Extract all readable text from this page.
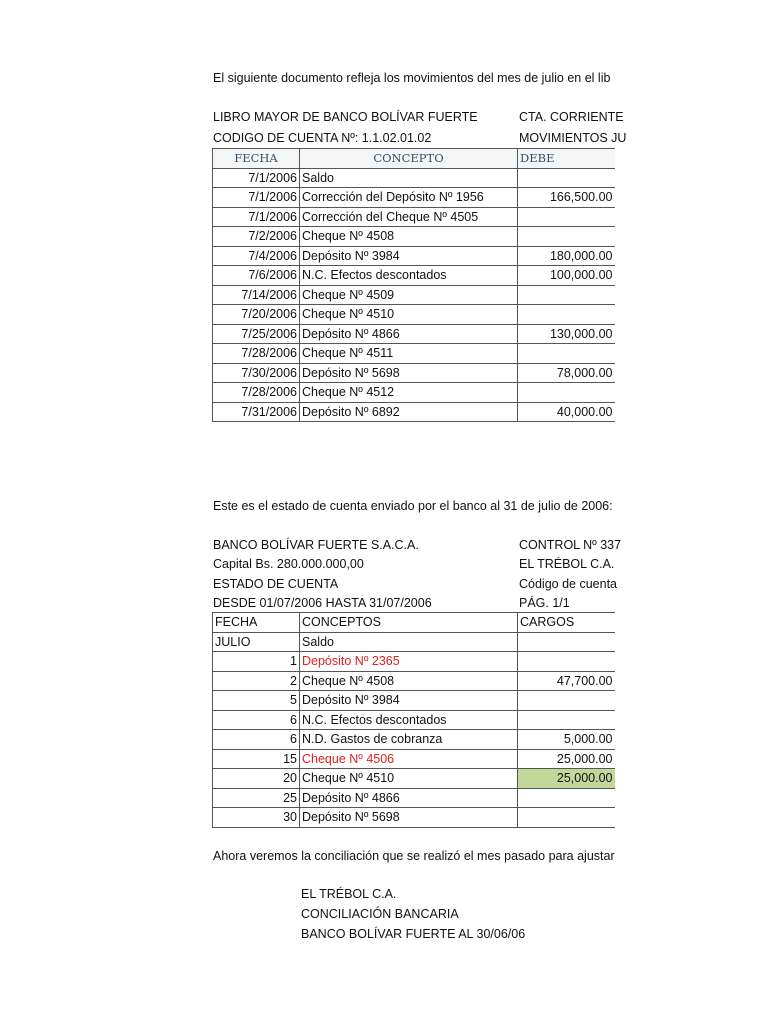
El siguiente documento refleja los movimientos del mes de julio en el lib
LIBRO MAYOR DE BANCO BOLÍVAR FUERTE	CTA. CORRIENTE
CODIGO DE CUENTA Nº: 1.1.02.01.02	MOVIMIENTOS JU
FECHA	CONCEPTO	DEBE
7/1/2006	Saldo	
7/1/2006	Corrección del Depósito Nº 1956	166,500.00
7/1/2006	Corrección del Cheque Nº 4505	
7/2/2006	Cheque Nº 4508	
7/4/2006	Depósito Nº 3984	180,000.00
7/6/2006	N.C. Efectos descontados	100,000.00
7/14/2006	Cheque Nº 4509	
7/20/2006	Cheque Nº 4510	
7/25/2006	Depósito Nº 4866	130,000.00
7/28/2006	Cheque Nº 4511	
7/30/2006	Depósito Nº 5698	78,000.00
7/28/2006	Cheque Nº 4512	
7/31/2006	Depósito Nº 6892	40,000.00
Este es el estado de cuenta enviado por el banco al 31 de julio de 2006:
BANCO BOLÍVAR FUERTE S.A.C.A.	CONTROL Nº 337
Capital Bs. 280.000.000,00	EL TRÉBOL C.A.
ESTADO DE CUENTA	Código de cuenta
DESDE 01/07/2006 HASTA 31/07/2006	PÁG. 1/1
FECHA	CONCEPTOS	CARGOS
JULIO	Saldo	
1	Depósito Nº 2365	
2	Cheque Nº 4508	47,700.00
5	Depósito Nº 3984	
6	N.C. Efectos descontados	
6	N.D. Gastos de cobranza	5,000.00
15	Cheque Nº 4506	25,000.00
20	Cheque Nº 4510	25,000.00
25	Depósito Nº 4866	
30	Depósito Nº 5698	
Ahora veremos la conciliación que se realizó el mes pasado para ajustar
EL TRÉBOL C.A.
CONCILIACIÓN BANCARIA
BANCO BOLÍVAR FUERTE AL 30/06/06
